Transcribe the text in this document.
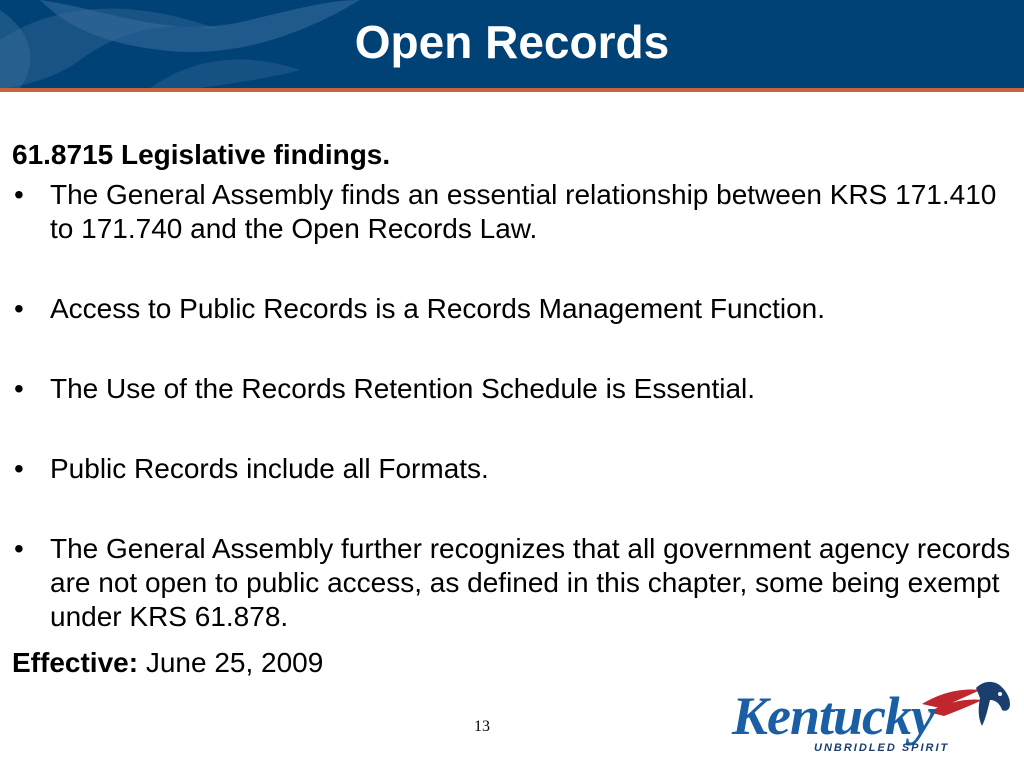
Open Records
61.8715 Legislative findings.
• The General Assembly finds an essential relationship between KRS 171.410 to 171.740 and the Open Records Law.
• Access to Public Records is a Records Management Function.
• The Use of the Records Retention Schedule is Essential.
• Public Records include all Formats.
• The General Assembly further recognizes that all government agency records are not open to public access, as defined in this chapter, some being exempt under KRS 61.878.
Effective: June 25, 2009
13	Kentucky
UNBRIDLED SPIRIT
